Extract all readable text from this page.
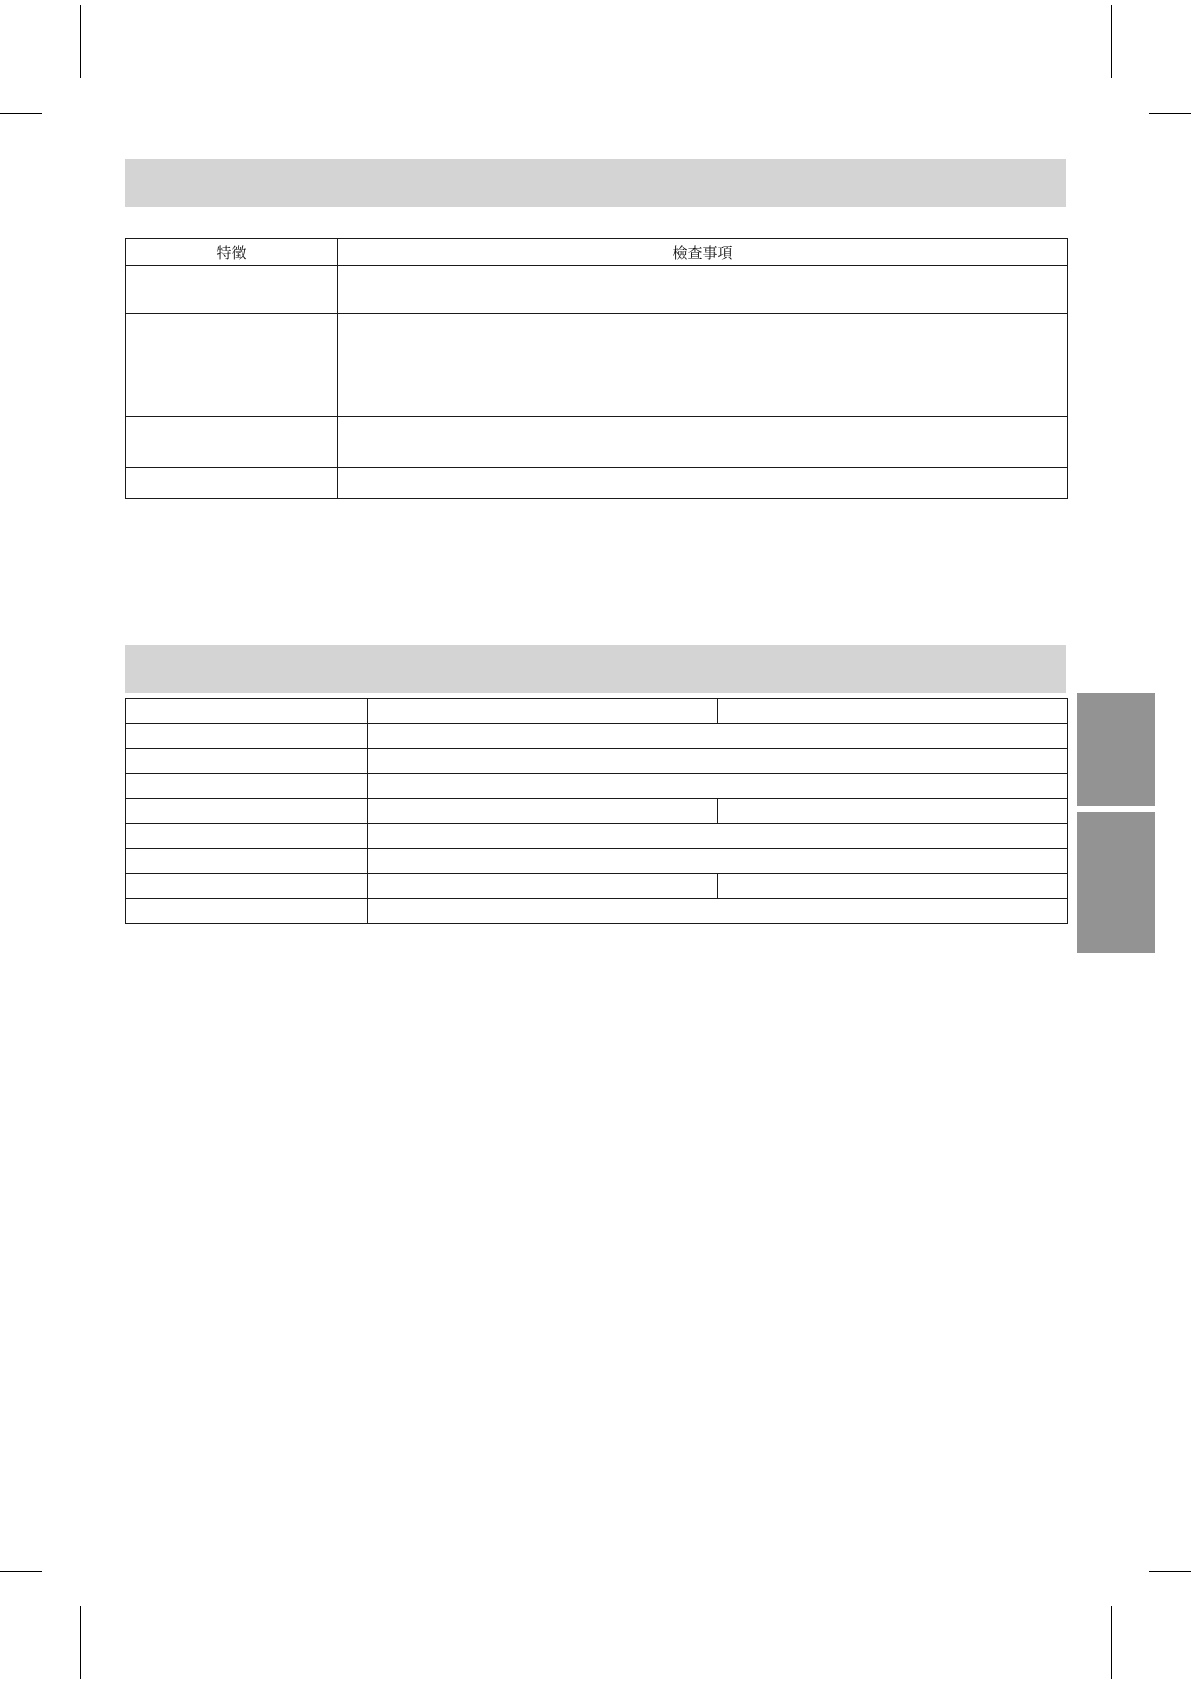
特徵	檢查事項
